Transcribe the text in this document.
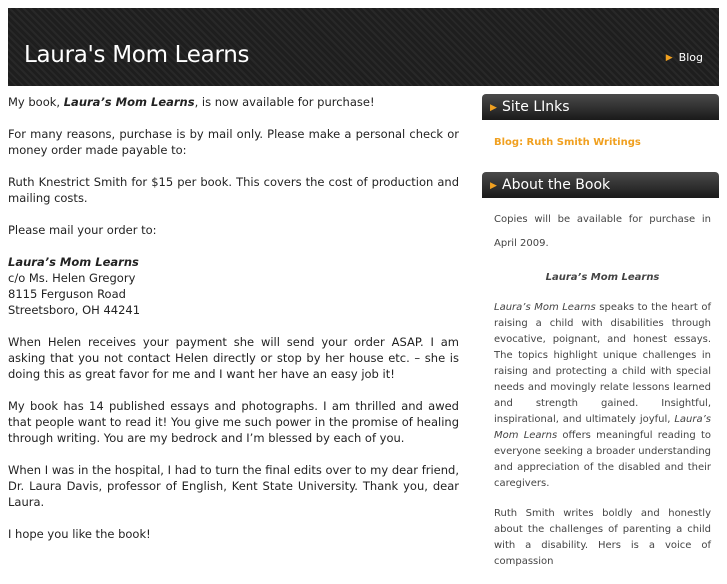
Laura's Mom Learns	▶ Blog

My book, Laura’s Mom Learns, is now available for purchase!

For many reasons, purchase is by mail only. Please make a personal check or money order made payable to:

Ruth Knestrict Smith for $15 per book. This covers the cost of production and mailing costs.

Please mail your order to:

Laura’s Mom Learns
c/o Ms. Helen Gregory
8115 Ferguson Road
Streetsboro, OH 44241

When Helen receives your payment she will send your order ASAP. I am asking that you not contact Helen directly or stop by her house etc. – she is doing this as great favor for me and I want her have an easy job it!

My book has 14 published essays and photographs. I am thrilled and awed that people want to read it! You give me such power in the promise of healing through writing. You are my bedrock and I’m blessed by each of you.

When I was in the hospital, I had to turn the final edits over to my dear friend, Dr. Laura Davis, professor of English, Kent State University. Thank you, dear Laura.

I hope you like the book!

▶ Site LInks
Blog: Ruth Smith Writings
▶ About the Book

Copies will be available for purchase in April 2009.

Laura’s Mom Learns

Laura’s Mom Learns speaks to the heart of raising a child with disabilities through evocative, poignant, and honest essays. The topics highlight unique challenges in raising and protecting a child with special needs and movingly relate lessons learned and strength gained. Insightful, inspirational, and ultimately joyful, Laura’s Mom Learns offers meaningful reading to everyone seeking a broader understanding and appreciation of the disabled and their caregivers.

Ruth Smith writes boldly and honestly about the challenges of parenting a child with a disability. Hers is a voice of compassion
